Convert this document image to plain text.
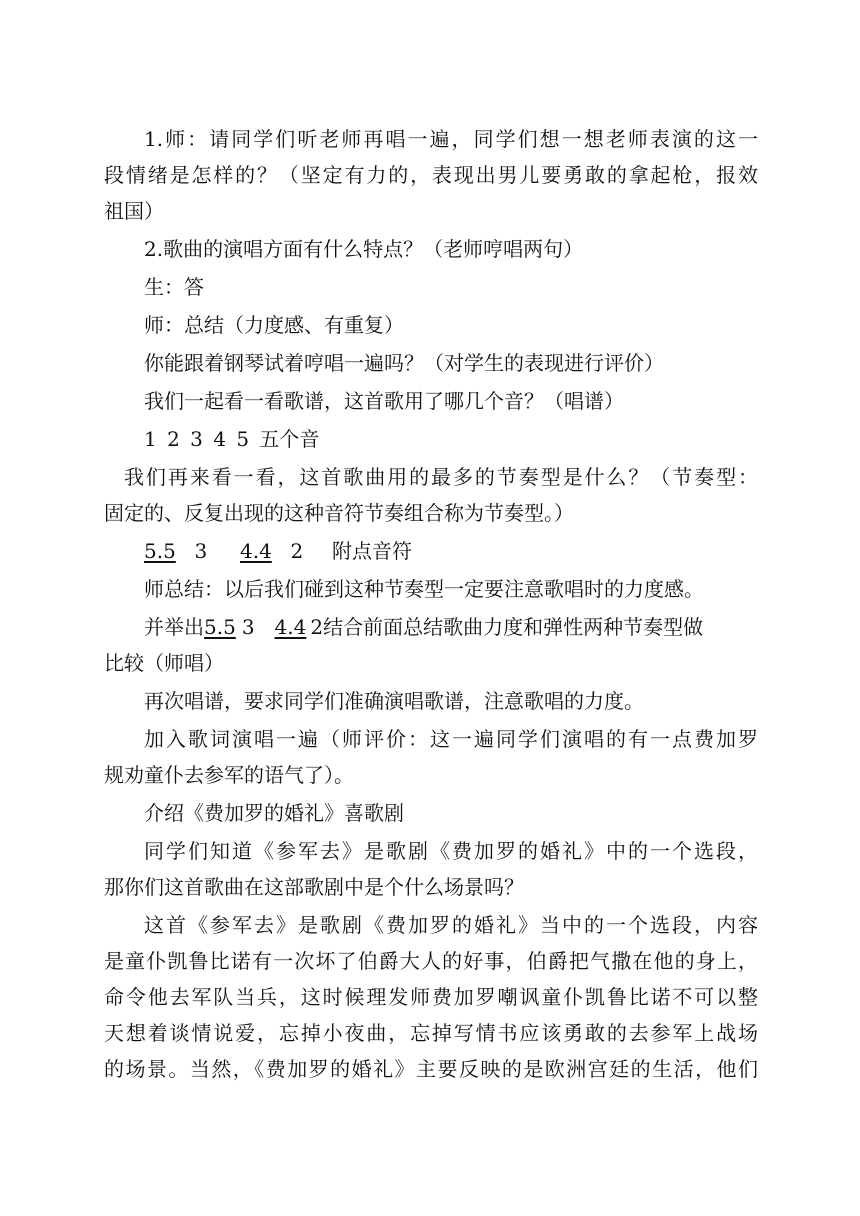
1.师：请同学们听老师再唱一遍，同学们想一想老师表演的这一
段情绪是怎样的？（坚定有力的，表现出男儿要勇敢的拿起枪，报效
祖国）
2.歌曲的演唱方面有什么特点？（老师哼唱两句）
生：答
师：总结（力度感、有重复）
你能跟着钢琴试着哼唱一遍吗？（对学生的表现进行评价）
我们一起看一看歌谱，这首歌用了哪几个音？（唱谱）
1 2 3 4 5 五个音
我们再来看一看，这首歌曲用的最多的节奏型是什么？（节奏型：
固定的、反复出现的这种音符节奏组合称为节奏型。）
5.5 3 4.4 2 附点音符
师总结：以后我们碰到这种节奏型一定要注意歌唱时的力度感。
并举出5.5 3 4.4 2结合前面总结歌曲力度和弹性两种节奏型做
比较（师唱）
再次唱谱，要求同学们准确演唱歌谱，注意歌唱的力度。
加入歌词演唱一遍（师评价：这一遍同学们演唱的有一点费加罗
规劝童仆去参军的语气了）。
介绍《费加罗的婚礼》喜歌剧
同学们知道《参军去》是歌剧《费加罗的婚礼》中的一个选段，
那你们这首歌曲在这部歌剧中是个什么场景吗？
这首《参军去》是歌剧《费加罗的婚礼》当中的一个选段，内容
是童仆凯鲁比诺有一次坏了伯爵大人的好事，伯爵把气撒在他的身上，
命令他去军队当兵，这时候理发师费加罗嘲讽童仆凯鲁比诺不可以整
天想着谈情说爱，忘掉小夜曲，忘掉写情书应该勇敢的去参军上战场
的场景。当然，《费加罗的婚礼》主要反映的是欧洲宫廷的生活，他们
